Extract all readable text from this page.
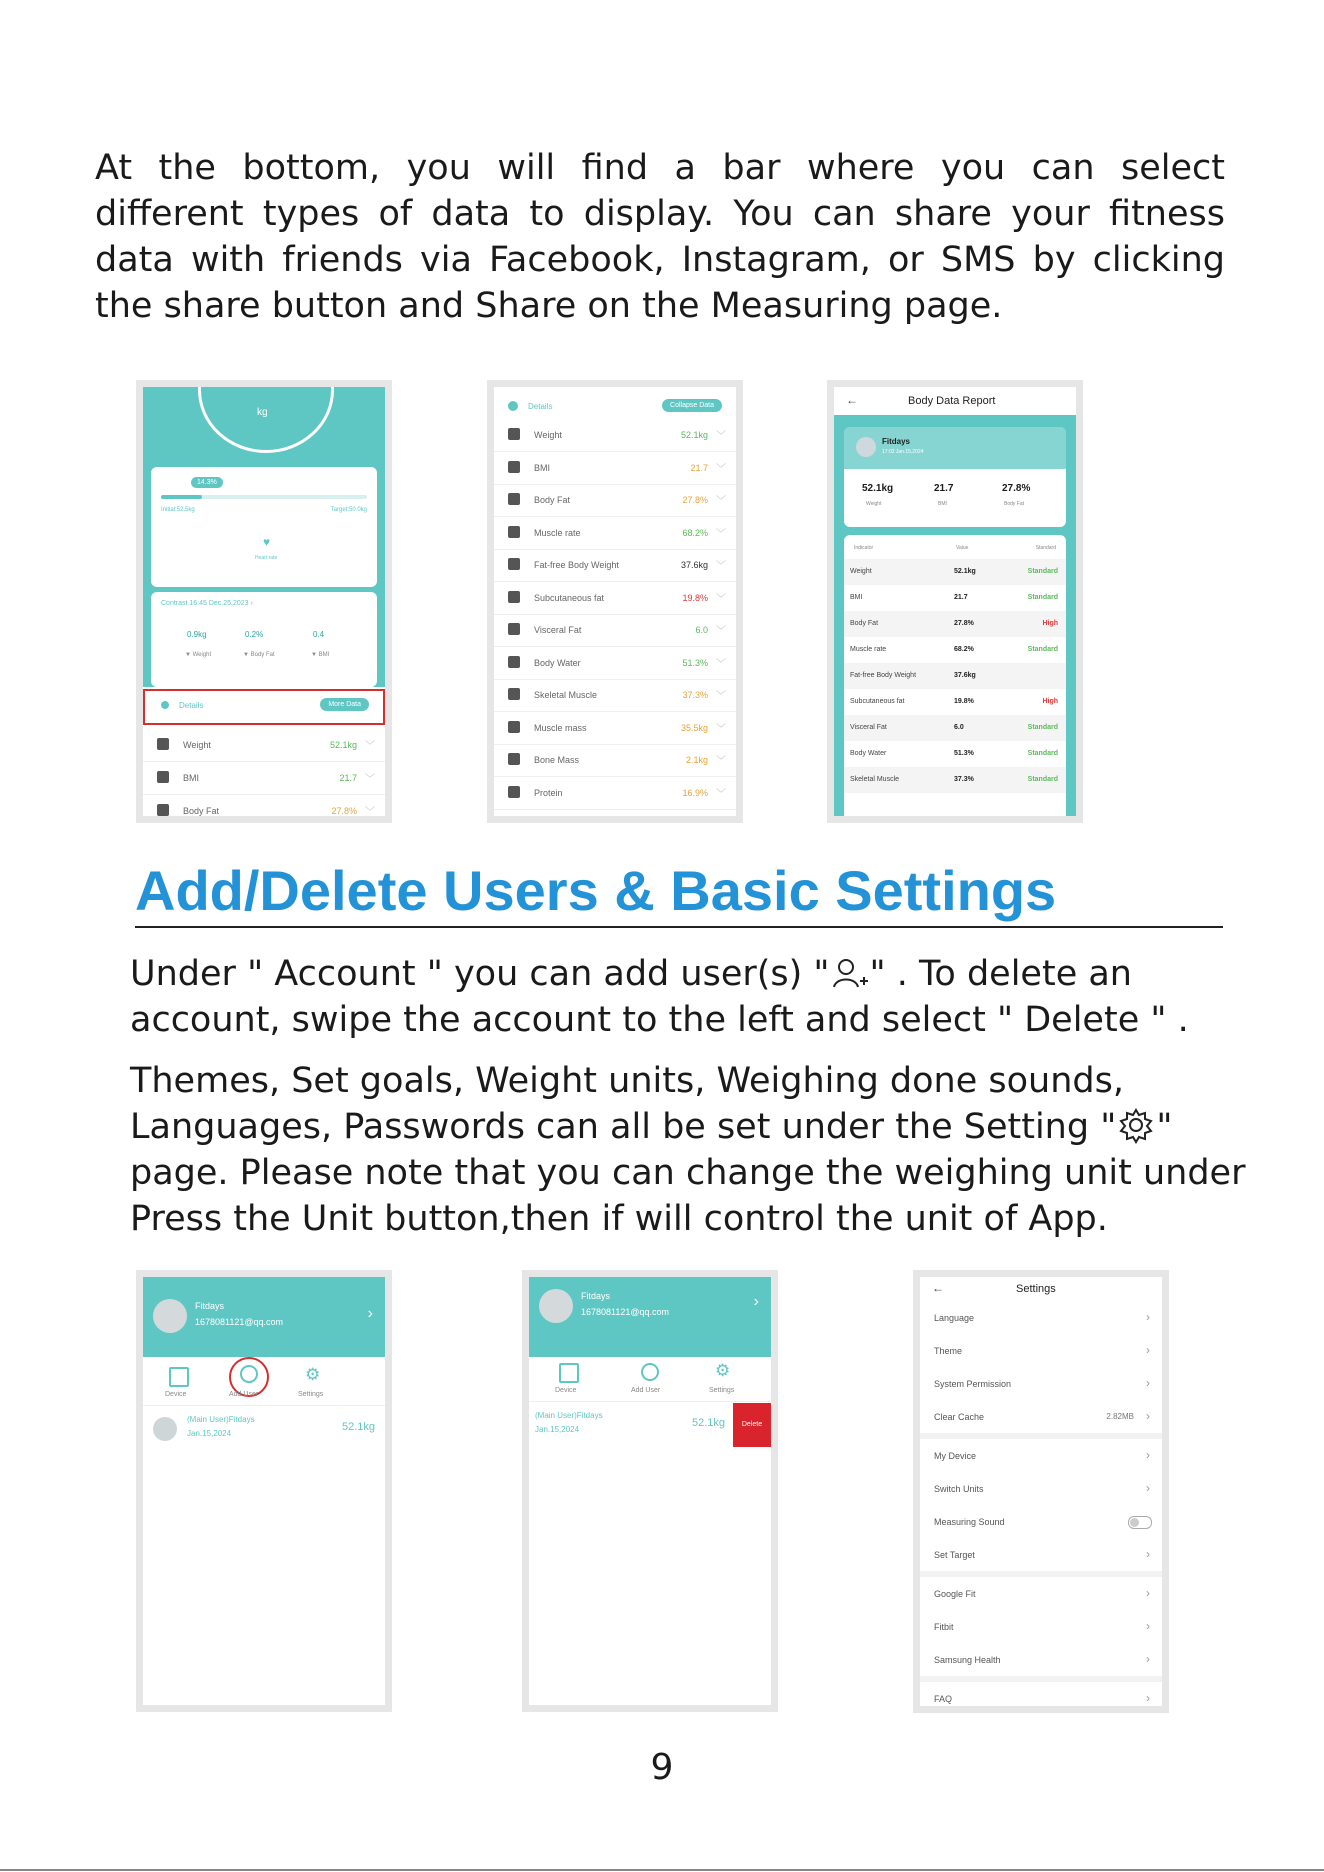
At the bottom, you will find a bar where you can select
different types of data to display. You can share your fitness
data with friends via Facebook, Instagram, or SMS by clicking
the share button and Share on the Measuring page.
kg
14.3%
Initial:52.5kg	Target:50.0kg
♥
Heart rate
Contrast 16:45 Dec.25,2023 ›
0.9kg	0.2%	0.4
▼ Weight	▼ Body Fat	▼ BMI
Details	More Data
Weight	52.1kg ﹀
BMI	21.7 ﹀
Body Fat	27.8% ﹀
Details	Collapse Data
Weight	52.1kg ﹀
BMI	21.7 ﹀
Body Fat	27.8% ﹀
Muscle rate	68.2% ﹀
Fat-free Body Weight	37.6kg ﹀
Subcutaneous fat	19.8% ﹀
Visceral Fat	6.0 ﹀
Body Water	51.3% ﹀
Skeletal Muscle	37.3% ﹀
Muscle mass	35.5kg ﹀
Bone Mass	2.1kg ﹀
Protein	16.9% ﹀
←	Body Data Report
Fitdays
17:02 Jan.15,2024
52.1kg	21.7	27.8%
Weight	BMI	Body Fat
Indicator	Value	Standard
Weight	52.1kg	Standard
BMI	21.7	Standard
Body Fat	27.8%	High
Muscle rate	68.2%	Standard
Fat-free Body Weight	37.6kg
Subcutaneous fat	19.8%	High
Visceral Fat	6.0	Standard
Body Water	51.3%	Standard
Skeletal Muscle	37.3%	Standard
Add/Delete Users & Basic Settings
Under " Account " you can add user(s) " " . To delete an
account, swipe the account to the left and select " Delete " .
Themes, Set goals, Weight units, Weighing done sounds,
Languages, Passwords can all be set under the Setting " "
page. Please note that you can change the weighing unit under
Press the Unit button,then if will control the unit of App.
Fitdays
1678081121@qq.com	›
⚙
Device	Add User	Settings
(Main User)Fitdays
Jan.15,2024
52.1kg
Fitdays
1678081121@qq.com
›
⚙
Device	Add User	Settings
(Main User)Fitdays
Jan.15,2024
52.1kg	Delete
←	Settings
Language	›
Theme	›
System Permission	›
Clear Cache	2.82MB ›
My Device	›
Switch Units	›
Measuring Sound
Set Target	›
Google Fit	›
Fitbit	›
Samsung Health	›
FAQ	›
9
